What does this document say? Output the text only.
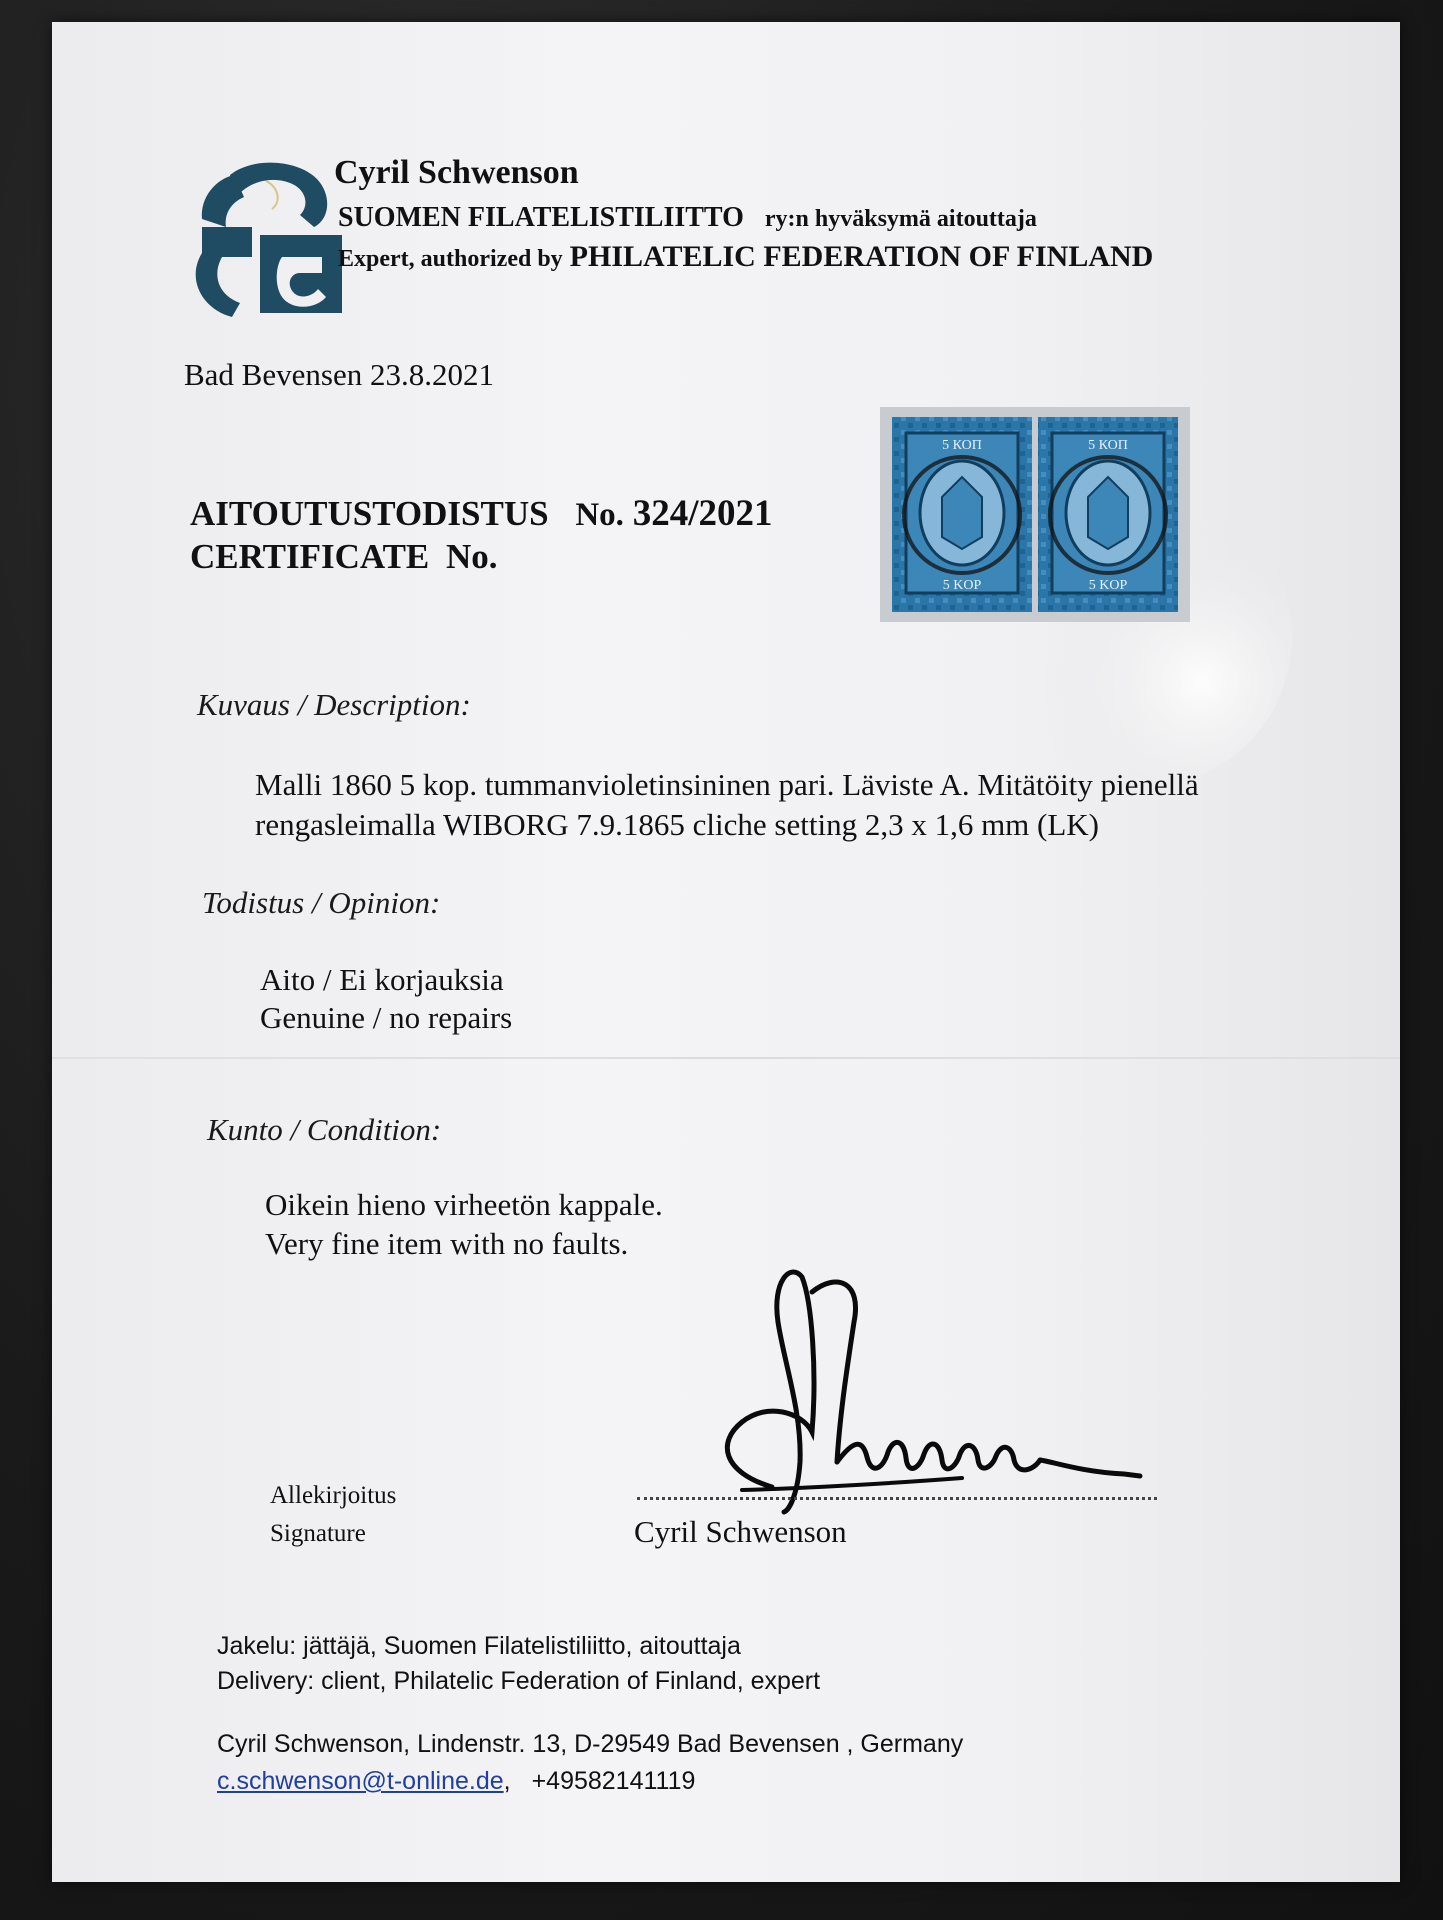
Cyril Schwenson
SUOMEN FILATELISTILIITTO ry:n hyväksymä aitouttaja
Expert, authorized by PHILATELIC FEDERATION OF FINLAND
Bad Bevensen 23.8.2021
AITOUTUSTODISTUS No. 324/2021
CERTIFICATE No.
5 КОП
5 KOP
5 КОП
5 KOP
Kuvaus / Description:
Malli 1860 5 kop. tummanvioletinsininen pari. Läviste A. Mitätöity pienellä
rengasleimalla WIBORG 7.9.1865 cliche setting 2,3 x 1,6 mm (LK)
Todistus / Opinion:
Aito / Ei korjauksia
Genuine / no repairs
Kunto / Condition:
Oikein hieno virheetön kappale.
Very fine item with no faults.
Allekirjoitus
Signature	Cyril Schwenson
Jakelu: jättäjä, Suomen Filatelistiliitto, aitouttaja
Delivery: client, Philatelic Federation of Finland, expert
Cyril Schwenson, Lindenstr. 13, D-29549 Bad Bevensen , Germany
c.schwenson@t-online.de, +49582141119
